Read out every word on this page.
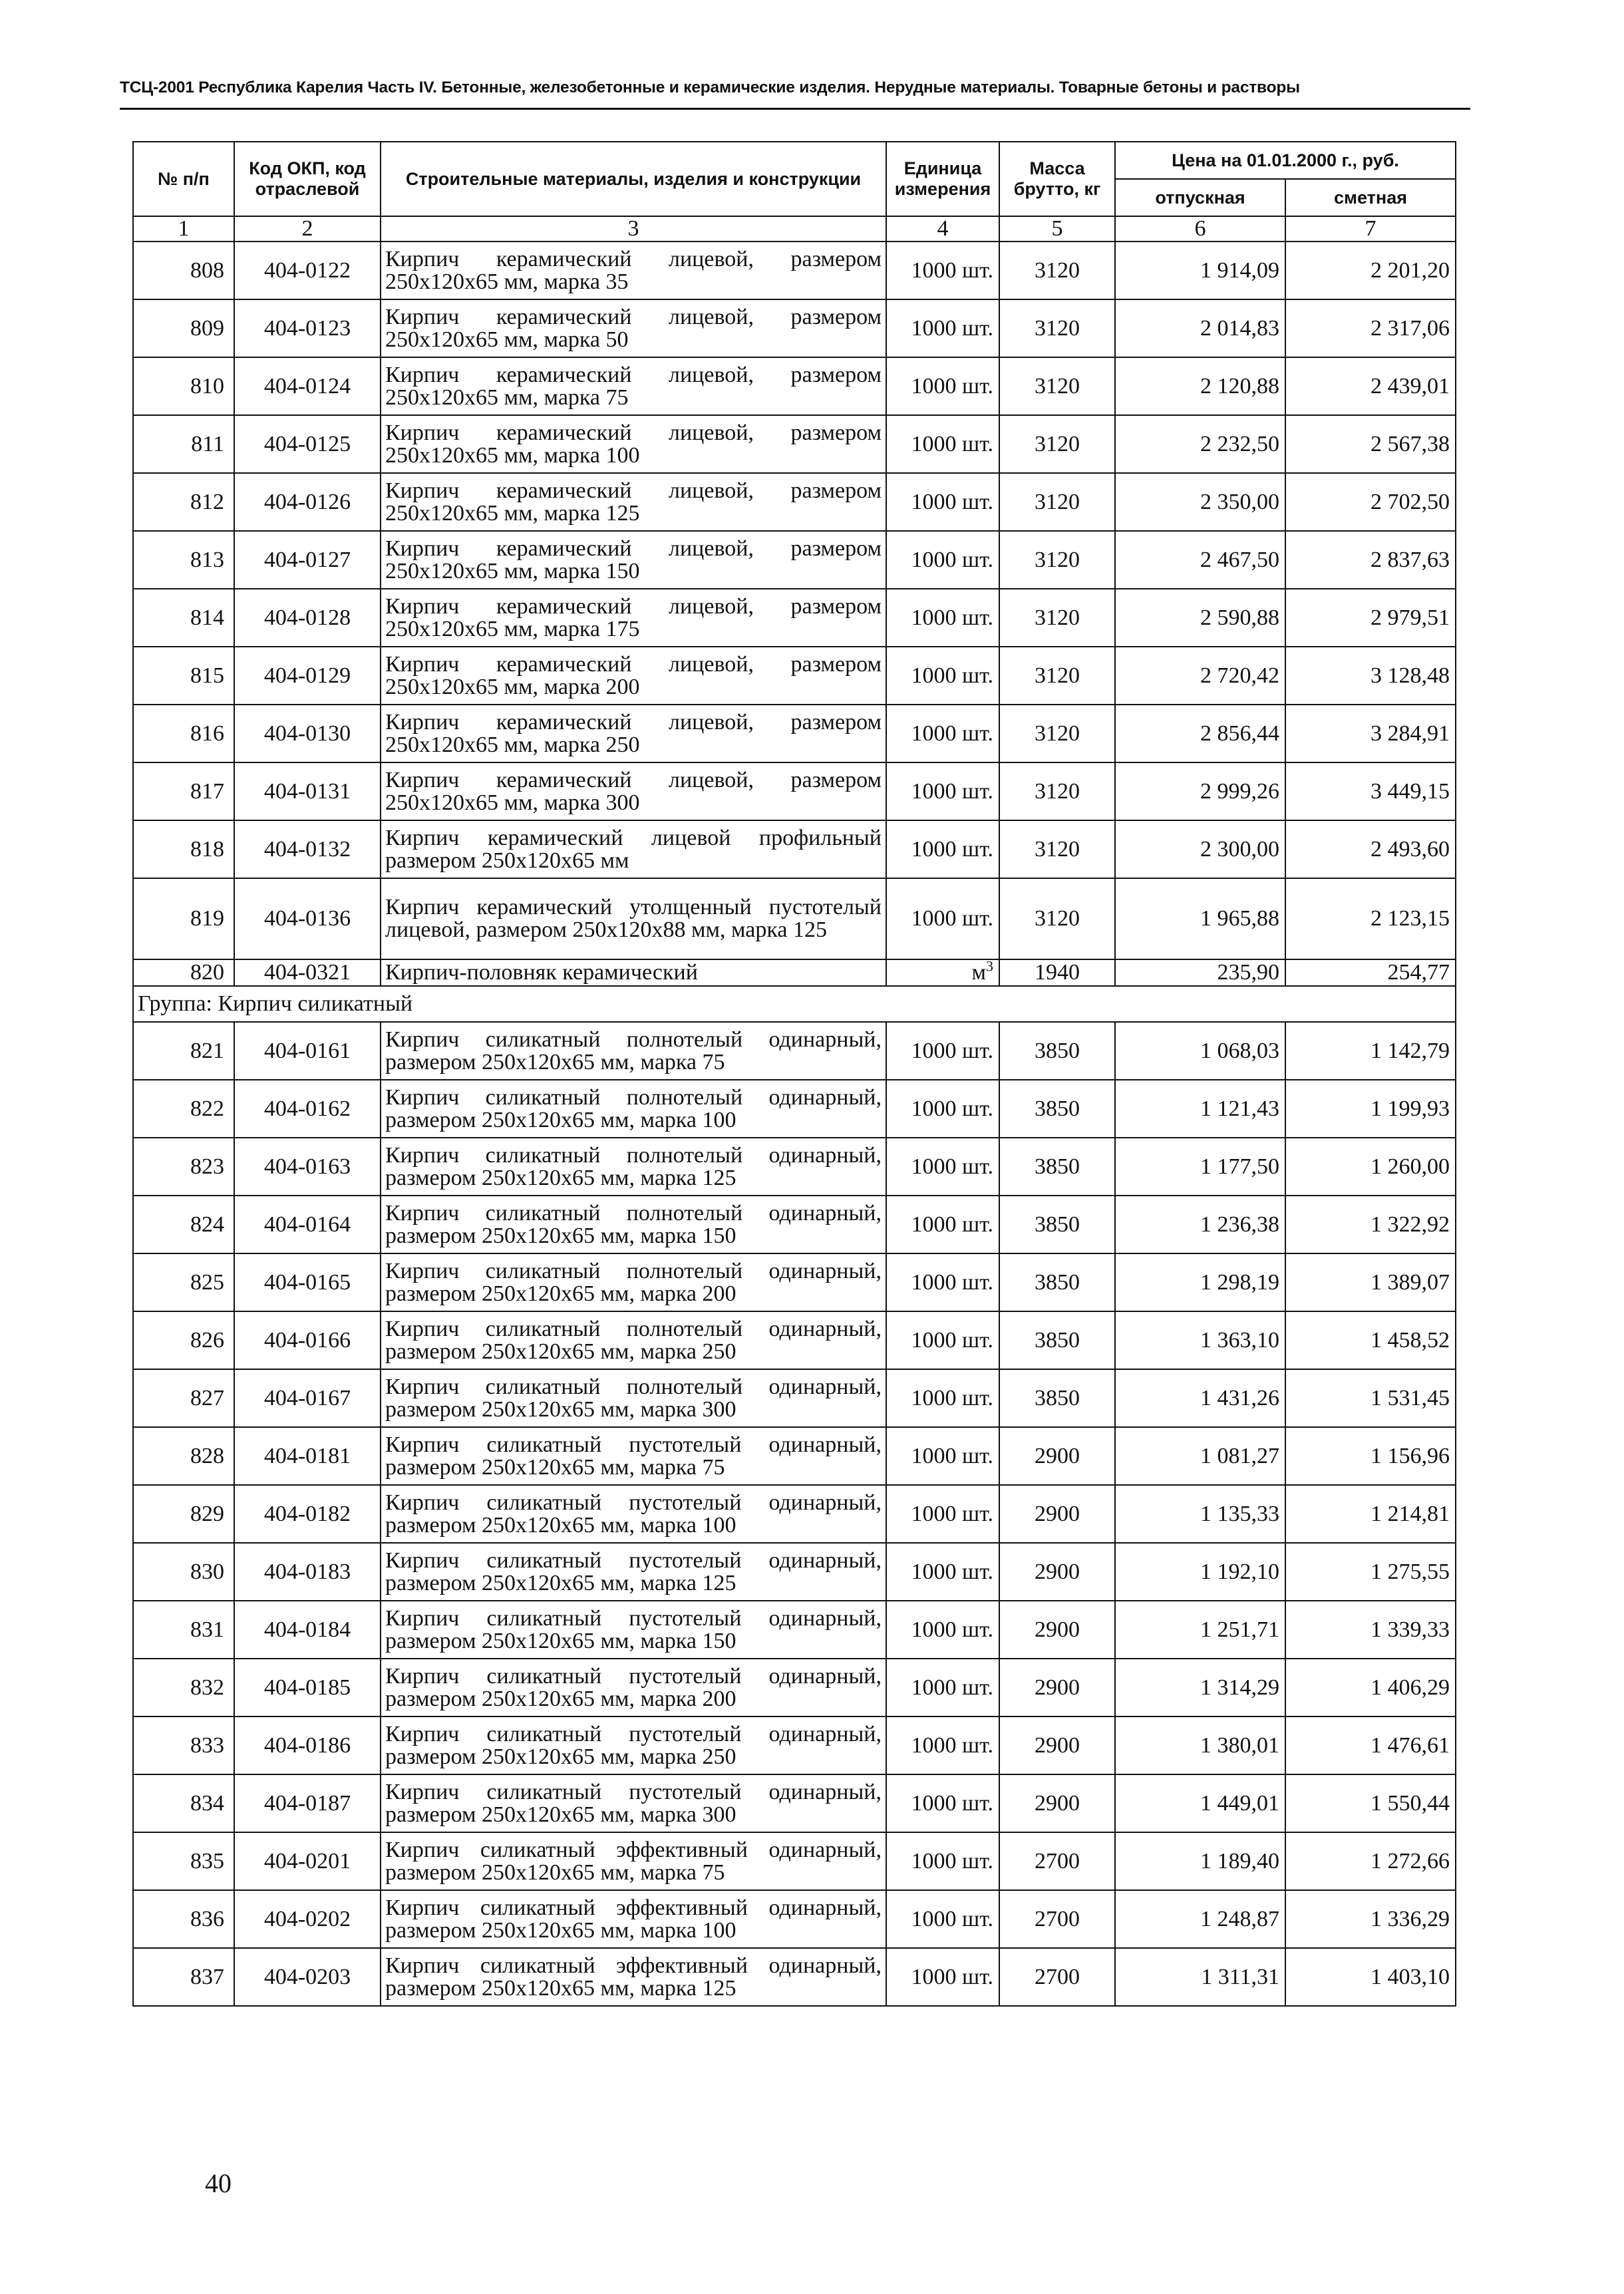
ТСЦ-2001 Республика Карелия Часть IV. Бетонные, железобетонные и керамические изделия. Нерудные материалы. Товарные бетоны и растворы
№ п/п	Код ОКП, код отраслевой	Строительные материалы, изделия и конструкции	Единица измерения	Масса брутто, кг	Цена на 01.01.2000 г., руб.	
					отпускная	сметная
1	2	3	4	5	6	7
808	404-0122	Кирпич керамический лицевой, размером 250х120х65 мм, марка 35	1000 шт.	3120	1 914,09	2 201,20
809	404-0123	Кирпич керамический лицевой, размером 250х120х65 мм, марка 50	1000 шт.	3120	2 014,83	2 317,06
810	404-0124	Кирпич керамический лицевой, размером 250х120х65 мм, марка 75	1000 шт.	3120	2 120,88	2 439,01
811	404-0125	Кирпич керамический лицевой, размером 250х120х65 мм, марка 100	1000 шт.	3120	2 232,50	2 567,38
812	404-0126	Кирпич керамический лицевой, размером 250х120х65 мм, марка 125	1000 шт.	3120	2 350,00	2 702,50
813	404-0127	Кирпич керамический лицевой, размером 250х120х65 мм, марка 150	1000 шт.	3120	2 467,50	2 837,63
814	404-0128	Кирпич керамический лицевой, размером 250х120х65 мм, марка 175	1000 шт.	3120	2 590,88	2 979,51
815	404-0129	Кирпич керамический лицевой, размером 250х120х65 мм, марка 200	1000 шт.	3120	2 720,42	3 128,48
816	404-0130	Кирпич керамический лицевой, размером 250х120х65 мм, марка 250	1000 шт.	3120	2 856,44	3 284,91
817	404-0131	Кирпич керамический лицевой, размером 250х120х65 мм, марка 300	1000 шт.	3120	2 999,26	3 449,15
818	404-0132	Кирпич керамический лицевой профильный размером 250х120х65 мм	1000 шт.	3120	2 300,00	2 493,60
819	404-0136	Кирпич керамический утолщенный пустотелый лицевой, размером 250х120х88 мм, марка 125	1000 шт.	3120	1 965,88	2 123,15
820	404-0321	Кирпич-половняк керамический	$м^3$	1940	235,90	254,77
Группа: Кирпич силикатный						
821	404-0161	Кирпич силикатный полнотелый одинарный, размером 250х120х65 мм, марка 75	1000 шт.	3850	1 068,03	1 142,79
822	404-0162	Кирпич силикатный полнотелый одинарный, размером 250х120х65 мм, марка 100	1000 шт.	3850	1 121,43	1 199,93
823	404-0163	Кирпич силикатный полнотелый одинарный, размером 250х120х65 мм, марка 125	1000 шт.	3850	1 177,50	1 260,00
824	404-0164	Кирпич силикатный полнотелый одинарный, размером 250х120х65 мм, марка 150	1000 шт.	3850	1 236,38	1 322,92
825	404-0165	Кирпич силикатный полнотелый одинарный, размером 250х120х65 мм, марка 200	1000 шт.	3850	1 298,19	1 389,07
826	404-0166	Кирпич силикатный полнотелый одинарный, размером 250х120х65 мм, марка 250	1000 шт.	3850	1 363,10	1 458,52
827	404-0167	Кирпич силикатный полнотелый одинарный, размером 250х120х65 мм, марка 300	1000 шт.	3850	1 431,26	1 531,45
828	404-0181	Кирпич силикатный пустотелый одинарный, размером 250х120х65 мм, марка 75	1000 шт.	2900	1 081,27	1 156,96
829	404-0182	Кирпич силикатный пустотелый одинарный, размером 250х120х65 мм, марка 100	1000 шт.	2900	1 135,33	1 214,81
830	404-0183	Кирпич силикатный пустотелый одинарный, размером 250х120х65 мм, марка 125	1000 шт.	2900	1 192,10	1 275,55
831	404-0184	Кирпич силикатный пустотелый одинарный, размером 250х120х65 мм, марка 150	1000 шт.	2900	1 251,71	1 339,33
832	404-0185	Кирпич силикатный пустотелый одинарный, размером 250х120х65 мм, марка 200	1000 шт.	2900	1 314,29	1 406,29
833	404-0186	Кирпич силикатный пустотелый одинарный, размером 250х120х65 мм, марка 250	1000 шт.	2900	1 380,01	1 476,61
834	404-0187	Кирпич силикатный пустотелый одинарный, размером 250х120х65 мм, марка 300	1000 шт.	2900	1 449,01	1 550,44
835	404-0201	Кирпич силикатный эффективный одинарный, размером 250х120х65 мм, марка 75	1000 шт.	2700	1 189,40	1 272,66
836	404-0202	Кирпич силикатный эффективный одинарный, размером 250х120х65 мм, марка 100	1000 шт.	2700	1 248,87	1 336,29
837	404-0203	Кирпич силикатный эффективный одинарный, размером 250х120х65 мм, марка 125	1000 шт.	2700	1 311,31	1 403,10
40
